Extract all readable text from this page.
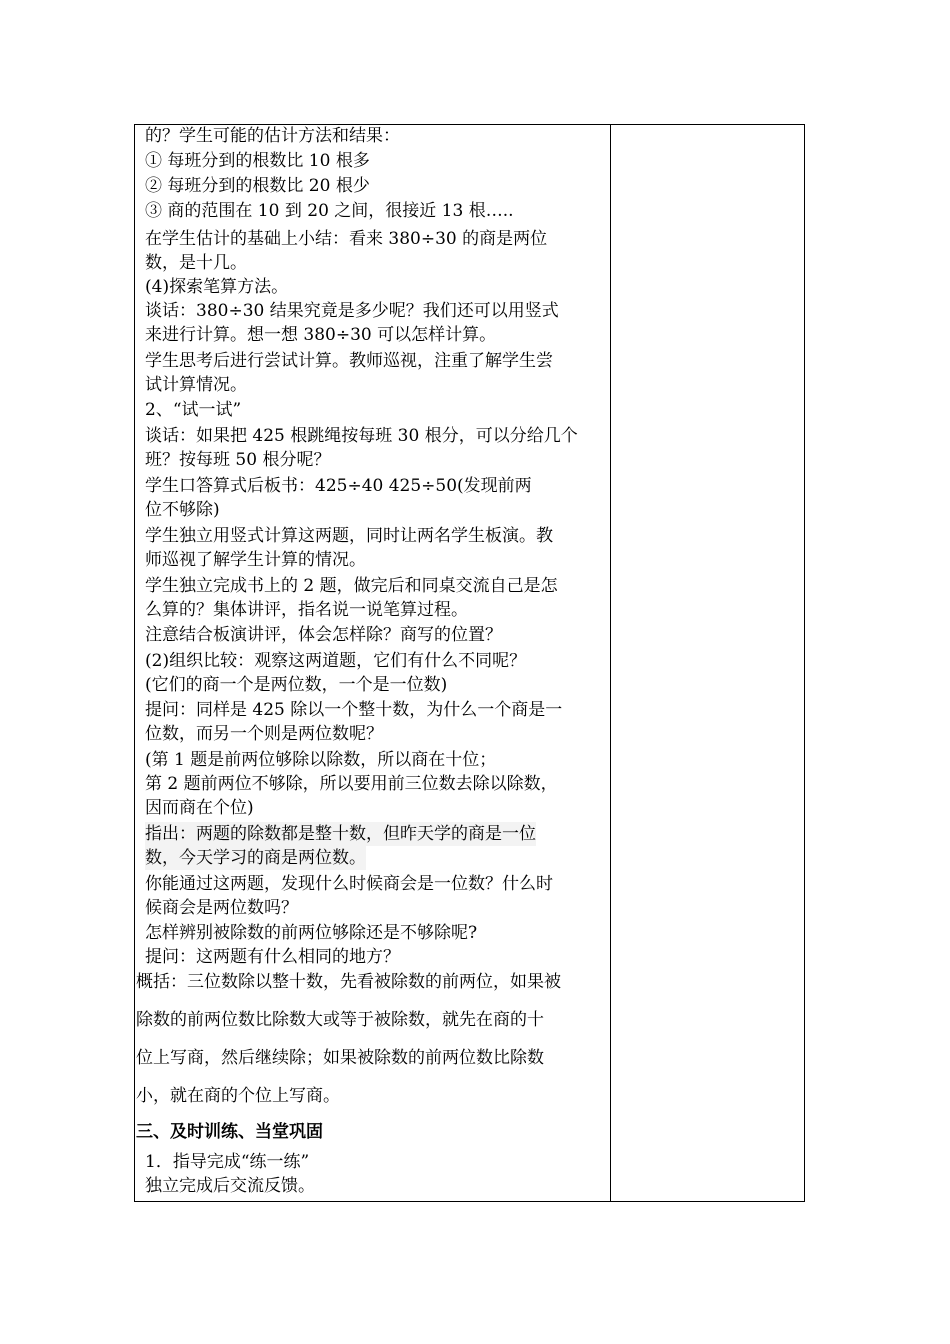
的？学生可能的估计方法和结果：
① 每班分到的根数比 10 根多
② 每班分到的根数比 20 根少
③ 商的范围在 10 到 20 之间，很接近 13 根…..
在学生估计的基础上小结：看来 380÷30 的商是两位
数，是十几。
(4)探索笔算方法。
谈话：380÷30 结果究竟是多少呢？我们还可以用竖式
来进行计算。想一想 380÷30 可以怎样计算。
学生思考后进行尝试计算。教师巡视，注重了解学生尝
试计算情况。
2、“试一试”
谈话：如果把 425 根跳绳按每班 30 根分，可以分给几个
班？按每班 50 根分呢？
学生口答算式后板书：425÷40 425÷50(发现前两
位不够除)
学生独立用竖式计算这两题，同时让两名学生板演。教
师巡视了解学生计算的情况。
学生独立完成书上的 2 题，做完后和同桌交流自己是怎
么算的？集体讲评，指名说一说笔算过程。
注意结合板演讲评，体会怎样除？商写的位置？
(2)组织比较：观察这两道题，它们有什么不同呢？
(它们的商一个是两位数，一个是一位数)
提问：同样是 425 除以一个整十数，为什么一个商是一
位数，而另一个则是两位数呢？
(第 1 题是前两位够除以除数，所以商在十位；
第 2 题前两位不够除，所以要用前三位数去除以除数，
因而商在个位)
指出：两题的除数都是整十数，但昨天学的商是一位
数，今天学习的商是两位数。
你能通过这两题，发现什么时候商会是一位数？什么时
候商会是两位数吗？
怎样辨别被除数的前两位够除还是不够除呢?
提问：这两题有什么相同的地方？
概括：三位数除以整十数，先看被除数的前两位，如果被
除数的前两位数比除数大或等于被除数，就先在商的十
位上写商，然后继续除；如果被除数的前两位数比除数
小，就在商的个位上写商。
三、及时训练、当堂巩固
1．指导完成“练一练”
独立完成后交流反馈。
